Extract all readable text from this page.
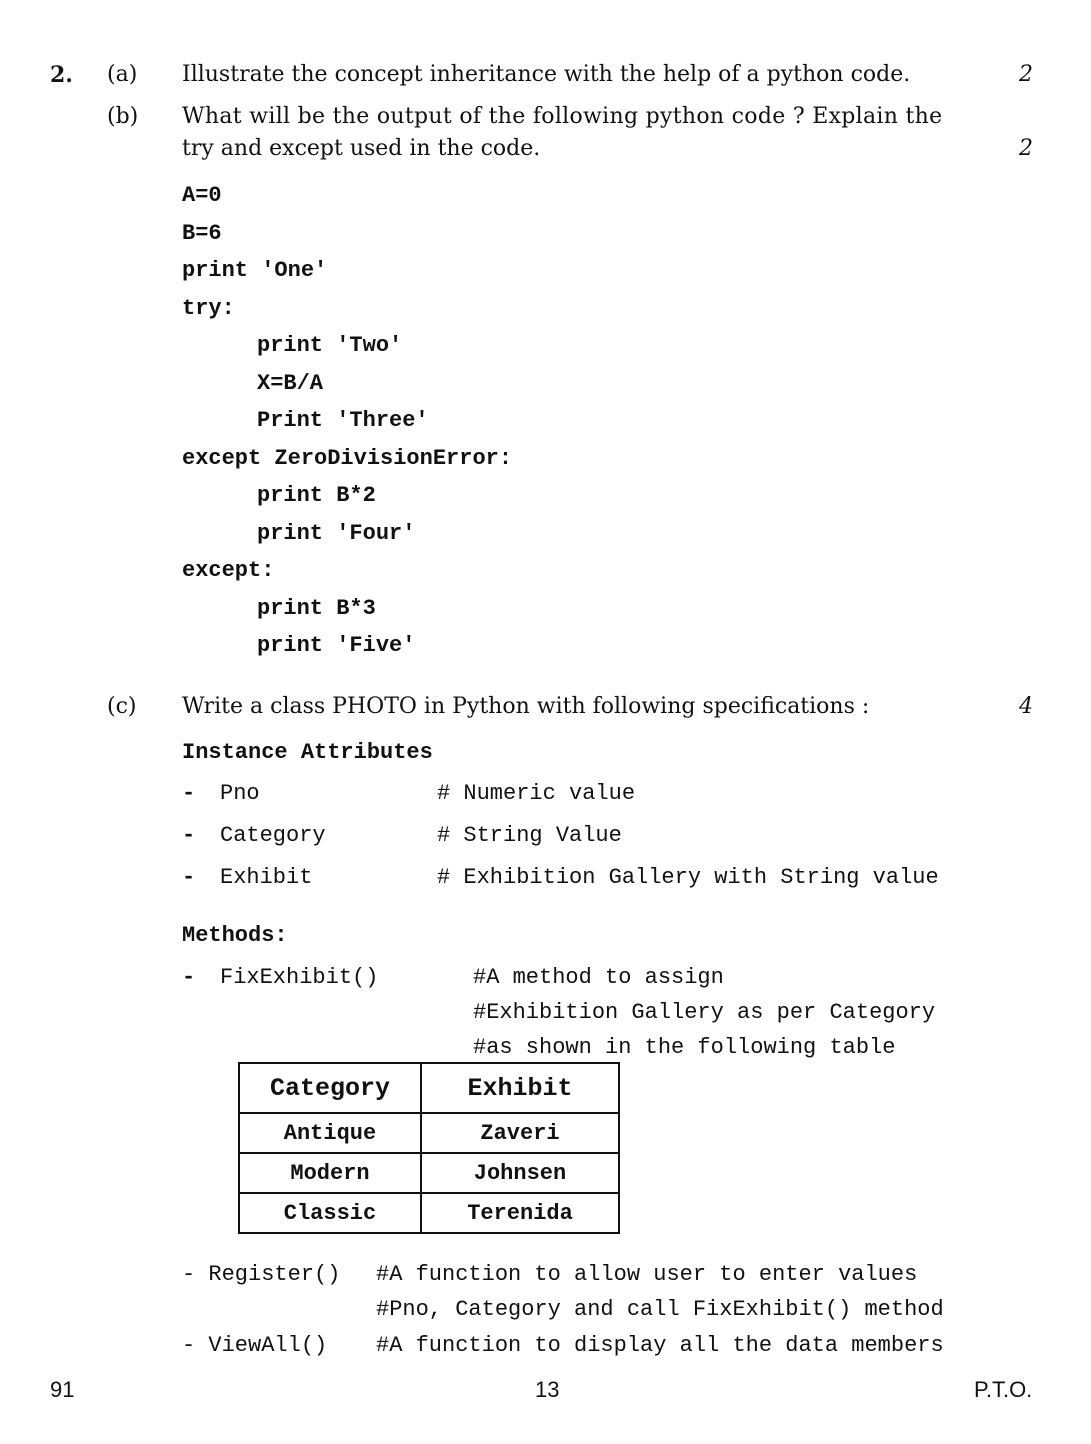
2. (a) Illustrate the concept inheritance with the help of a python code.	2
(b) What will be the output of the following python code ? Explain the
try and except used in the code.	2
A=0
B=6
print 'One'
try:
print 'Two'
X=B/A
Print 'Three'
except ZeroDivisionError:
print B*2
print 'Four'
except:
print B*3
print 'Five'
(c) Write a class PHOTO in Python with following specifications :	4
Instance Attributes
- Pno	# Numeric value
- Category	# String Value
- Exhibit	# Exhibition Gallery with String value
Methods:
- FixExhibit()	#A method to assign
#Exhibition Gallery as per Category
#as shown in the following table
Category	Exhibit
Antique	Zaveri
Modern	Johnsen
Classic	Terenida
- Register() #A function to allow user to enter values
#Pno, Category and call FixExhibit() method
- ViewAll() #A function to display all the data members
91	13	P.T.O.
